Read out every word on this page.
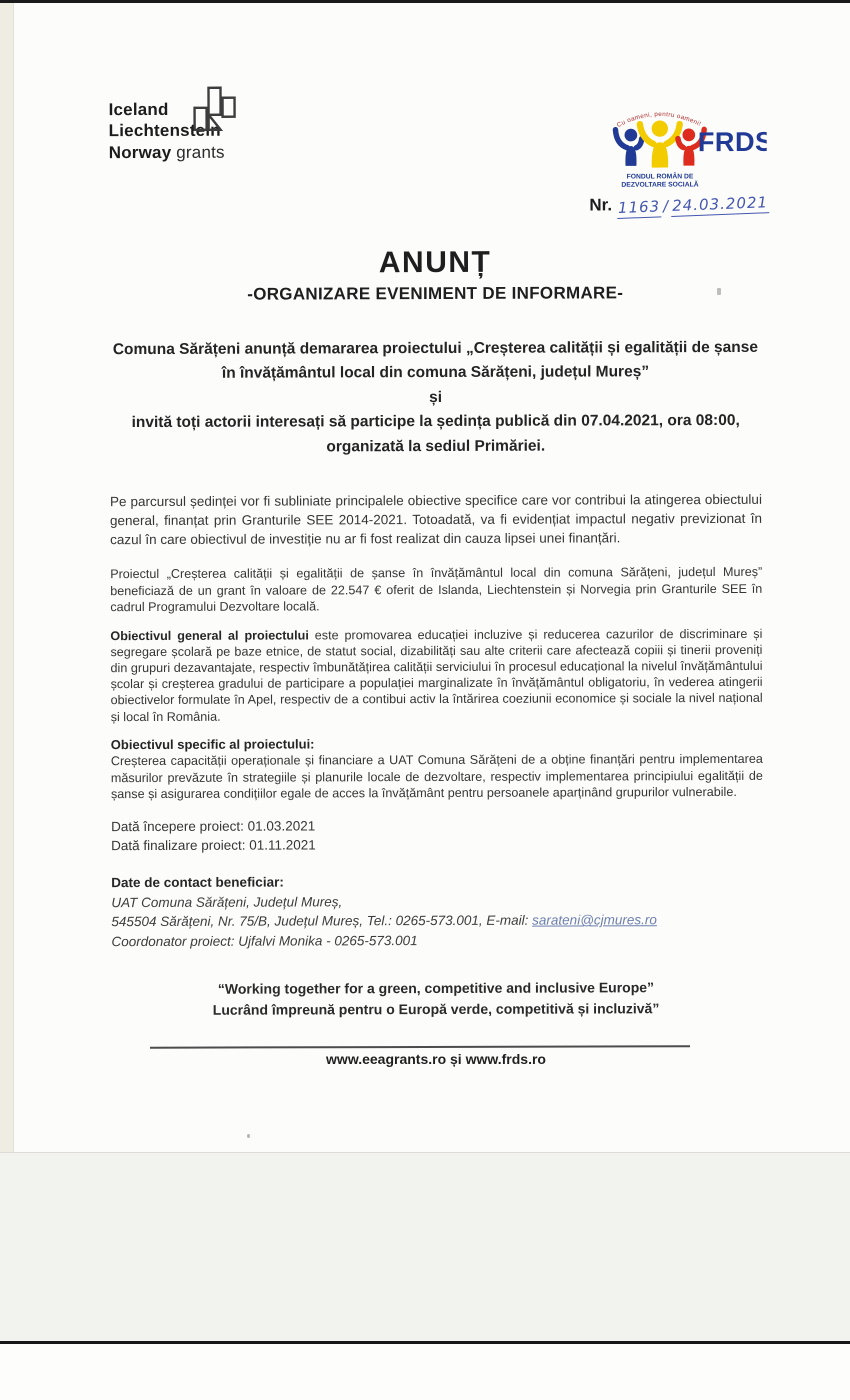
Iceland
Liechtenstein
Norway grants
Cu oameni, pentru oameni!
FRDS
FONDUL ROMÂN DE
DEZVOLTARE SOCIALĂ
Nr. 1163 / 24.03.2021
ANUNȚ
-ORGANIZARE EVENIMENT DE INFORMARE-
Comuna Sărățeni anunță demararea proiectului „Creșterea calității și egalității de șanse în învățământul local din comuna Sărățeni, județul Mureș”
și
invită toți actorii interesați să participe la ședința publică din 07.04.2021, ora 08:00, organizată la sediul Primăriei.

Pe parcursul ședinței vor fi subliniate principalele obiective specifice care vor contribui la atingerea obiectului general, finanțat prin Granturile SEE 2014-2021. Totoadată, va fi evidențiat impactul negativ previzionat în cazul în care obiectivul de investiție nu ar fi fost realizat din cauza lipsei unei finanțări.

Proiectul „Creșterea calității și egalității de șanse în învățământul local din comuna Sărățeni, județul Mureș” beneficiază de un grant în valoare de 22.547 € oferit de Islanda, Liechtenstein și Norvegia prin Granturile SEE în cadrul Programului Dezvoltare locală.

Obiectivul general al proiectului este promovarea educației incluzive și reducerea cazurilor de discriminare și segregare școlară pe baze etnice, de statut social, dizabilități sau alte criterii care afectează copiii și tinerii proveniți din grupuri dezavantajate, respectiv îmbunătățirea calității serviciului în procesul educațional la nivelul învățământului școlar și creșterea gradului de participare a populației marginalizate în învățământul obligatoriu, în vederea atingerii obiectivelor formulate în Apel, respectiv de a contibui activ la întărirea coeziunii economice și sociale la nivel național și local în România.

Obiectivul specific al proiectului:

Creșterea capacității operaționale și financiare a UAT Comuna Sărățeni de a obține finanțări pentru implementarea măsurilor prevăzute în strategiile și planurile locale de dezvoltare, respectiv implementarea principiului egalității de șanse și asigurarea condițiilor egale de acces la învățământ pentru persoanele aparținând grupurilor vulnerabile.

Dată începere proiect: 01.03.2021
Dată finalizare proiect: 01.11.2021
Date de contact beneficiar:
UAT Comuna Sărățeni, Județul Mureș,
545504 Sărățeni, Nr. 75/B, Județul Mureș, Tel.: 0265-573.001, E-mail: sarateni@cjmures.ro
Coordonator proiect: Ujfalvi Monika - 0265-573.001
“Working together for a green, competitive and inclusive Europe”
Lucrând împreună pentru o Europă verde, competitivă și incluzivă”
www.eeagrants.ro și www.frds.ro
